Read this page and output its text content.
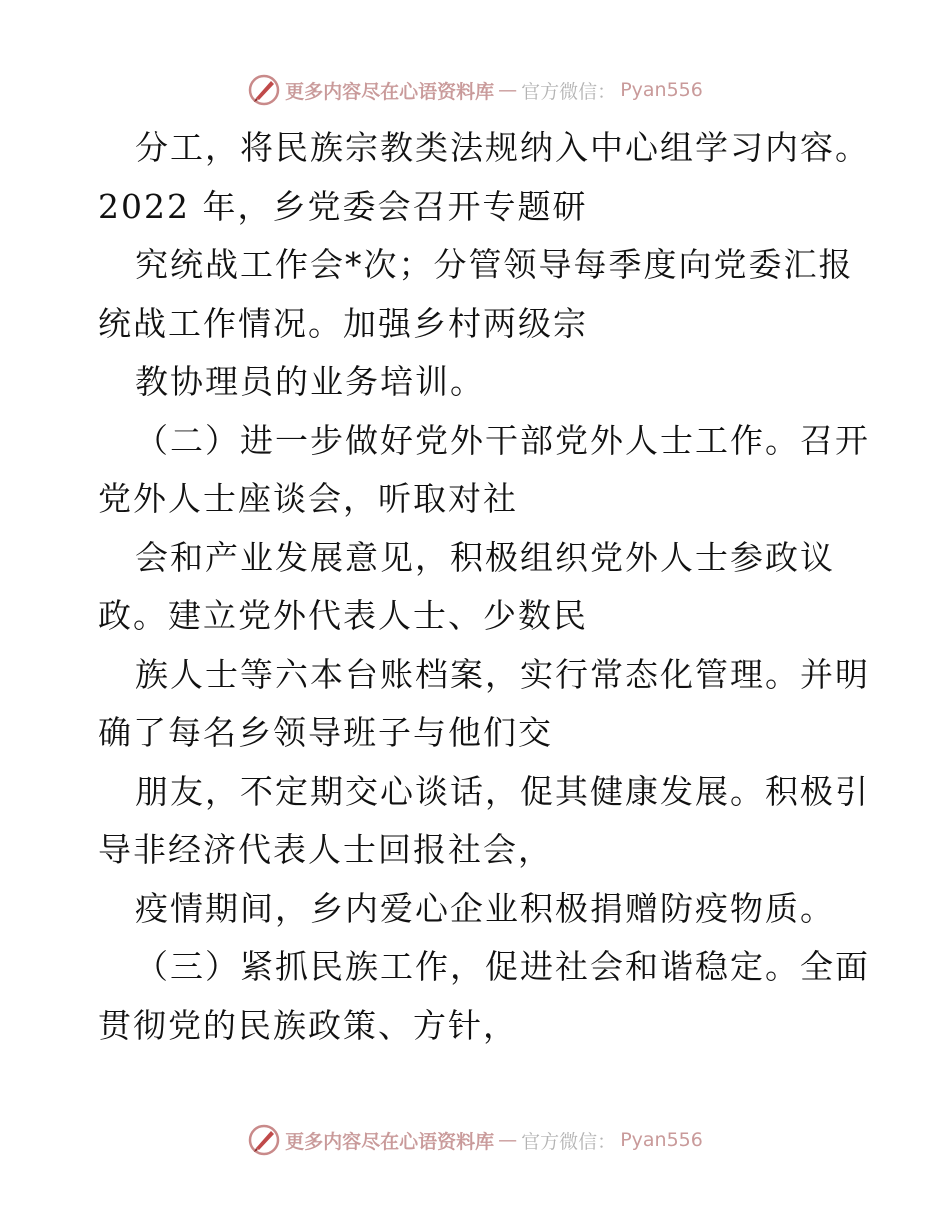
更多内容尽在心语资料库 — 官方微信： Pyan556
分工，将民族宗教类法规纳入中心组学习内容。
2022 年，乡党委会召开专题研
究统战工作会*次；分管领导每季度向党委汇报
统战工作情况。加强乡村两级宗
教协理员的业务培训。
（二）进一步做好党外干部党外人士工作。召开
党外人士座谈会，听取对社
会和产业发展意见，积极组织党外人士参政议
政。建立党外代表人士、少数民
族人士等六本台账档案，实行常态化管理。并明
确了每名乡领导班子与他们交
朋友，不定期交心谈话，促其健康发展。积极引
导非经济代表人士回报社会，
疫情期间，乡内爱心企业积极捐赠防疫物质。
（三）紧抓民族工作，促进社会和谐稳定。全面
贯彻党的民族政策、方针，
更多内容尽在心语资料库 — 官方微信： Pyan556
